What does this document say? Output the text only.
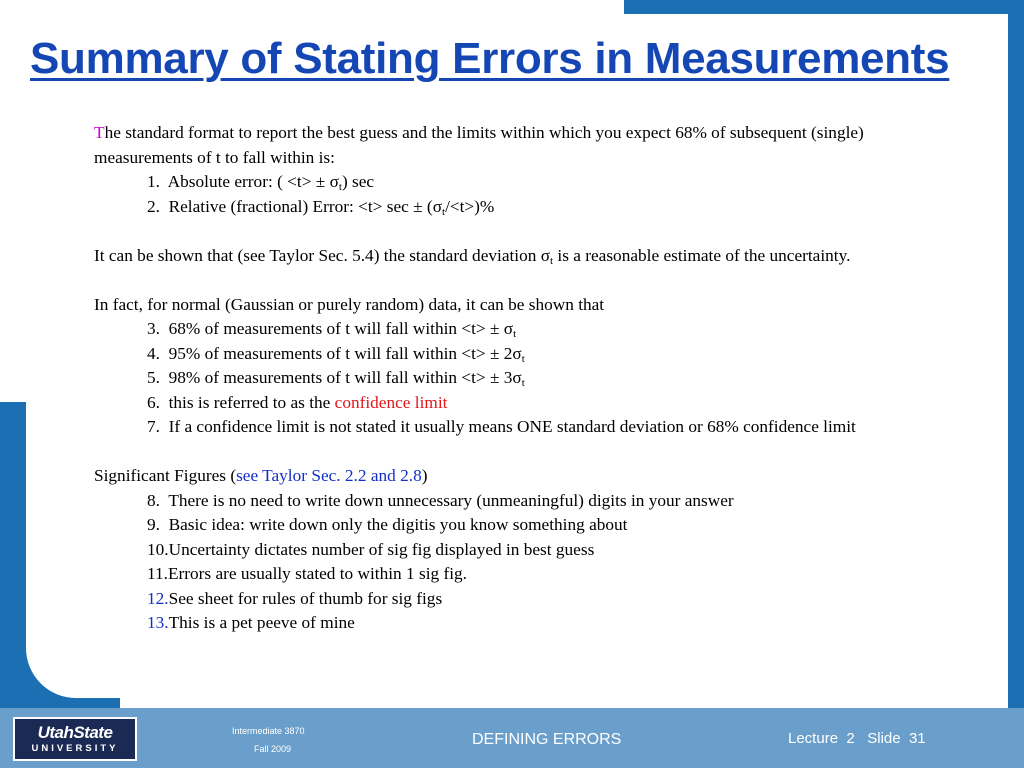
Summary of Stating Errors in Measurements

The standard format to report the best guess and the limits within which you expect 68% of subsequent (single) measurements of t to fall within is:

1. Absolute error: ( $<t> \pm \sigma_t$) sec

2. Relative (fractional) Error: $<t> \sec \pm (\sigma_t/<t>)\%$

It can be shown that (see Taylor Sec. 5.4) the standard deviation $\sigma_t$ is a reasonable estimate of the uncertainty.

In fact, for normal (Gaussian or purely random) data, it can be shown that

3. 68% of measurements of t will fall within $<t> \pm \sigma_t$

4. 95% of measurements of t will fall within $<t> \pm 2\sigma_t$

5. 98% of measurements of t will fall within $<t> \pm 3\sigma_t$

6. this is referred to as the confidence limit

7. If a confidence limit is not stated it usually means ONE standard deviation or 68% confidence limit

Significant Figures (see Taylor Sec. 2.2 and 2.8)

8. There is no need to write down unnecessary (unmeaningful) digits in your answer

9. Basic idea: write down only the digitis you know something about

10.Uncertainty dictates number of sig fig displayed in best guess

11.Errors are usually stated to within 1 sig fig.

12.See sheet for rules of thumb for sig figs

13.This is a pet peeve of mine

UtahState
UNIVERSITY
Intermediate 3870
Fall 2009
DEFINING ERRORS	Lecture 2 Slide 31
